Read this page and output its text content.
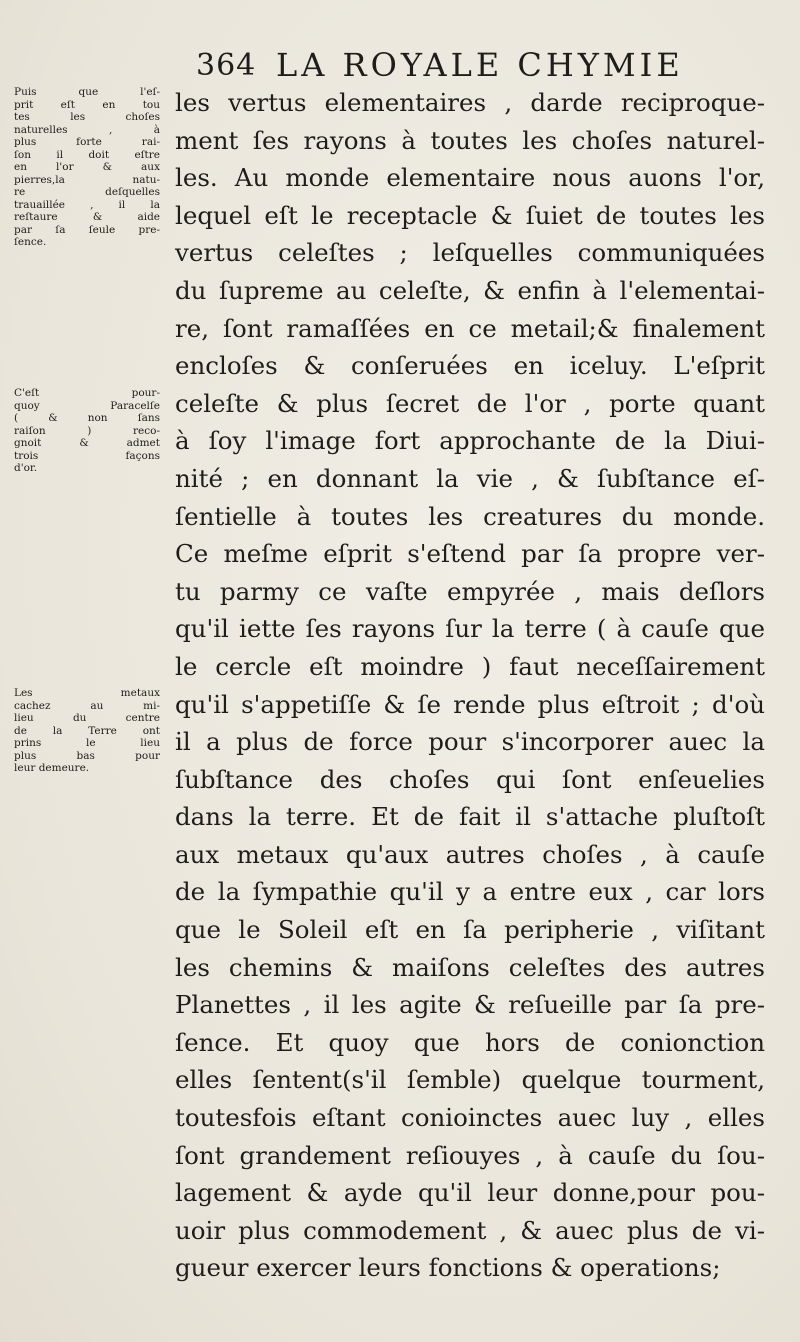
364 LA ROYALE CHYMIE
les vertus elementaires , darde reciproque-
ment ſes rayons à toutes les choſes naturel-
les. Au monde elementaire nous auons l'or,
lequel eſt le receptacle & ſuiet de toutes les
vertus celeſtes ; leſquelles communiquées
du ſupreme au celeſte, & enfin à l'elementai-
re, ſont ramaſſées en ce metail;& finalement
encloſes & conſeruées en iceluy. L'eſprit
celeſte & plus ſecret de l'or , porte quant
à ſoy l'image fort approchante de la Diui-
nité ; en donnant la vie , & ſubſtance eſ-
ſentielle à toutes les creatures du monde.
Ce meſme eſprit s'eſtend par ſa propre ver-
tu parmy ce vaſte empyrée , mais deſlors
qu'il iette ſes rayons ſur la terre ( à cauſe que
le cercle eſt moindre ) faut neceſſairement
qu'il s'appetiſſe & ſe rende plus eſtroit ; d'où
il a plus de force pour s'incorporer auec la
ſubſtance des choſes qui ſont enſeuelies
dans la terre. Et de fait il s'attache pluſtoſt
aux metaux qu'aux autres choſes , à cauſe
de la ſympathie qu'il y a entre eux , car lors
que le Soleil eſt en ſa peripherie , viſitant
les chemins & maiſons celeſtes des autres
Planettes , il les agite & reſueille par ſa pre-
ſence. Et quoy que hors de conionction
elles ſentent(s'il ſemble) quelque tourment,
toutesfois eſtant conioinctes auec luy , elles
ſont grandement reſiouyes , à cauſe du ſou-
lagement & ayde qu'il leur donne,pour pou-
uoir plus commodement , & auec plus de vi-
gueur exercer leurs fonctions & operations;
Puis que l'eſ-
prit eſt en tou
tes les choſes
naturelles , à
plus forte rai-
ſon il doit eſtre
en l'or & aux
pierres,la natu-
re deſquelles
trauaillée , il la
reſtaure & aide
par ſa ſeule pre-
ſence.
C'eſt pour-
quoy Paracelſe
( & non ſans
raiſon ) reco-
gnoit & admet
trois façons
d'or.
Les metaux
cachez au mi-
lieu du centre
de la Terre ont
prins le lieu
plus bas pour
leur demeure.
